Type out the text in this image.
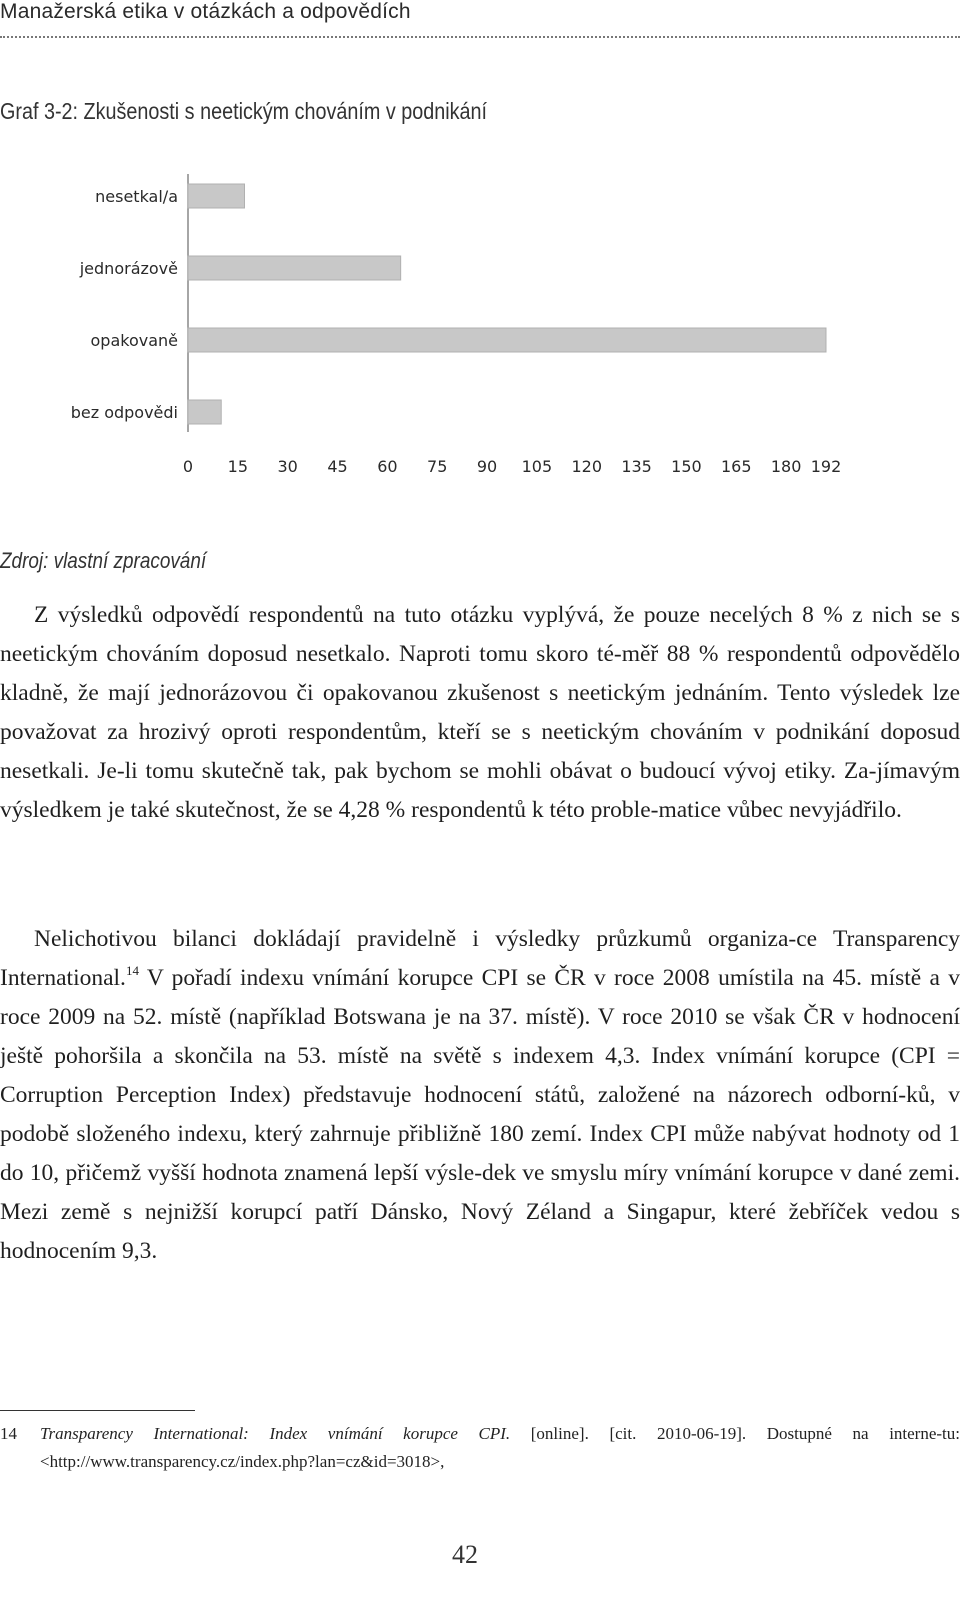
Manažerská etika v otázkách a odpovědích
Graf 3-2: Zkušenosti s neetickým chováním v podnikání
nesetkal/a
jednorázově
opakovaně
bez odpovědi
0 15 30 45 60 75 90 105 120 135 150 165 180 192
Zdroj: vlastní zpracování

Z výsledků odpovědí respondentů na tuto otázku vyplývá, že pouze necelých 8 % z nich se s neetickým chováním doposud nesetkalo. Naproti tomu skoro té-měř 88 % respondentů odpovědělo kladně, že mají jednorázovou či opakovanou zkušenost s neetickým jednáním. Tento výsledek lze považovat za hrozivý oproti respondentům, kteří se s neetickým chováním v podnikání doposud nesetkali. Je-li tomu skutečně tak, pak bychom se mohli obávat o budoucí vývoj etiky. Za-jímavým výsledkem je také skutečnost, že se 4,28 % respondentů k této proble-matice vůbec nevyjádřilo.

Nelichotivou bilanci dokládají pravidelně i výsledky průzkumů organiza-ce Transparency International.$^{14}$ V pořadí indexu vnímání korupce CPI se ČR v roce 2008 umístila na 45. místě a v roce 2009 na 52. místě (například Botswana je na 37. místě). V roce 2010 se však ČR v hodnocení ještě pohoršila a skončila na 53. místě na světě s indexem 4,3. Index vnímání korupce (CPI = Corruption Perception Index) představuje hodnocení států, založené na názorech odborní-ků, v podobě složeného indexu, který zahrnuje přibližně 180 zemí. Index CPI může nabývat hodnoty od 1 do 10, přičemž vyšší hodnota znamená lepší výsle-dek ve smyslu míry vnímání korupce v dané zemi. Mezi země s nejnižší korupcí patří Dánsko, Nový Zéland a Singapur, které žebříček vedou s hodnocením 9,3.

14 Transparency International: Index vnímání korupce CPI. [online]. [cit. 2010-06-19]. Dostupné na interne-tu: <http://www.transparency.cz/index.php?lan=cz&id=3018>,
42
